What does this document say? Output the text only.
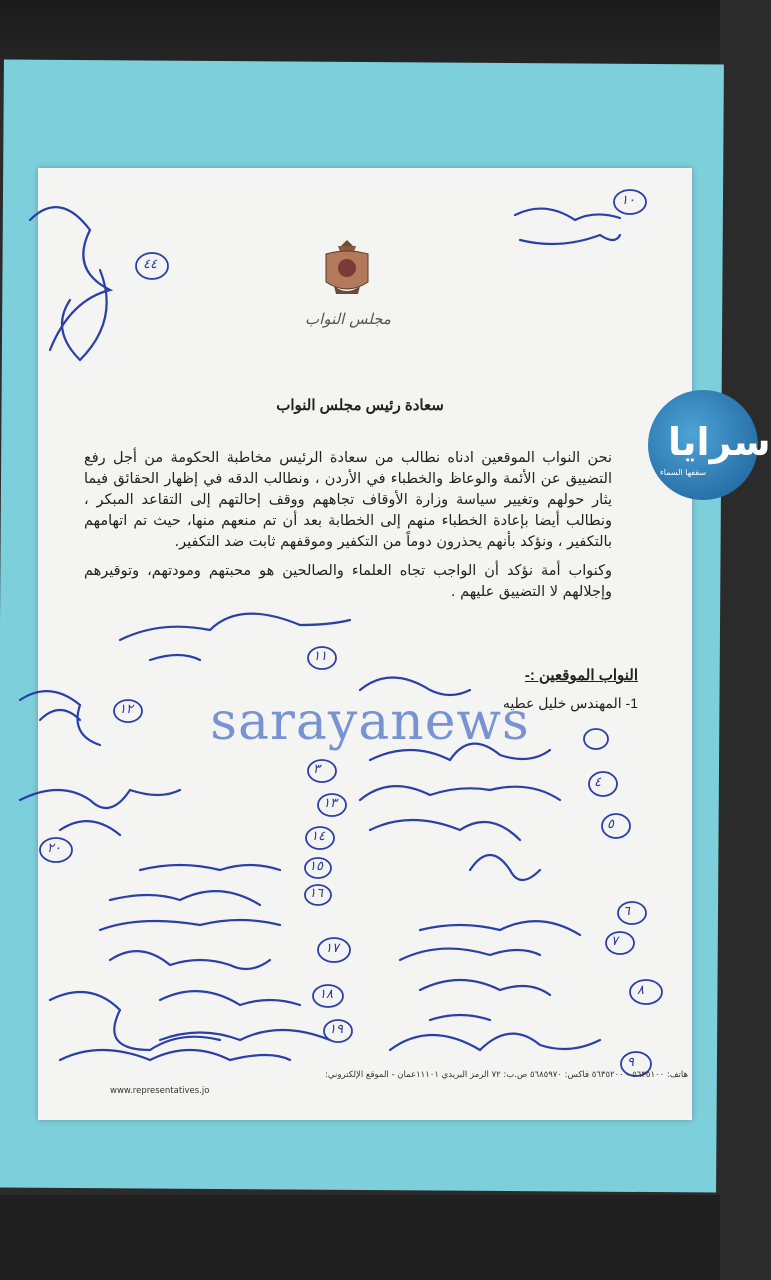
مجلس النواب
سعادة رئيس مجلس النواب

نحن النواب الموقعين ادناه نطالب من سعادة الرئيس مخاطبة الحكومة من أجل رفع التضييق عن الأئمة والوعاظ والخطباء في الأردن ، ونطالب الدقه في إظهار الحقائق فيما يثار حولهم وتغيير سياسة وزارة الأوقاف تجاههم ووقف إحالتهم إلى التقاعد المبكر ، ونطالب أيضا بإعادة الخطباء منهم إلى الخطابة بعد أن تم منعهم منها، حيث تم اتهامهم بالتكفير ، ونؤكد بأنهم يحذرون دوماً من التكفير وموقفهم ثابت ضد التكفير.

وكنواب أمة نؤكد أن الواجب تجاه العلماء والصالحين هو محبتهم ومودتهم، وتوقيرهم وإجلالهم لا التضييق عليهم .

النواب الموقعين :-
1- المهندس خليل عطيه
sarayanews
هاتف: ٥٦٣٥١٠٠ - ٥٦٣٥٢٠٠ فاكس: ٥٦٨٥٩٧٠ ص.ب: ٧٢ الرمز البريدي ١١١٠١عمان - الموقع الإلكتروني:
www.representatives.jo
سرايا
سقفها السماء
١٠
٤٤
١١
٣
٤
٥
٦
٧
٨
٩
١٢
١٣
١٤
١٥
١٦
١٧
١٨
١٩
٢٠
